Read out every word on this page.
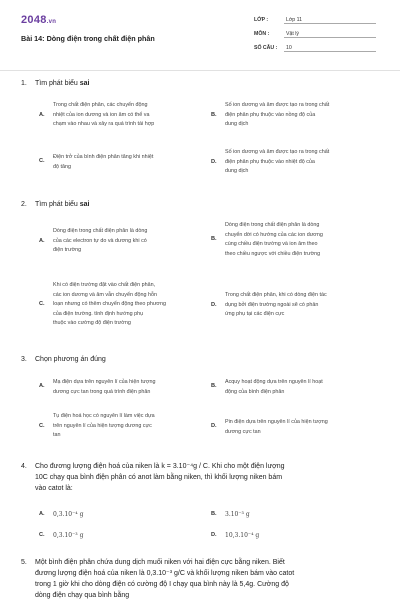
2048.vn
Bài 14: Dòng điện trong chất điện phân
LỚP :	Lớp 11
MÔN :	Vật lý
SỐ CÂU : 10
1. Tìm phát biểu sai
A.
Trong chất điện phân, các chuyển động
nhiệt của ion dương và ion âm có thể va
chạm vào nhau và xảy ra quá trình tái hợp
B.
Số ion dương và âm được tạo ra trong chất
điện phân phụ thuộc vào nồng độ của
dung dịch
C.
Điện trở của bình điện phân tăng khi nhiệt
độ tăng
D.
Số ion dương và âm được tạo ra trong chất
điện phân phụ thuộc vào nhiệt độ của
dung dịch
2. Tìm phát biểu sai
A.
Dòng điện trong chất điện phân là dòng
của các electron tự do và dương khi có
điện trường
B.
Dòng điện trong chất điện phân là dòng
chuyển dời có hướng của các ion dương
cùng chiều điện trường và ion âm theo
theo chiều ngược với chiều điện trường
C.
Khi có điện trường đặt vào chất điện phân,
các ion dương và âm vẫn chuyển động hỗn
loạn nhưng có thêm chuyển động theo phương
của điện trường. tính định hướng phụ
thuộc vào cường độ điện trường
D.
Trong chất điện phân, khi có dòng điện tác
dụng bởi điện trường ngoài sẽ có phản
ứng phụ tại các điện cực
3. Chọn phương án đúng
A.
Mạ điện dựa trên nguyên lí của hiện tượng
dương cực tan trong quá trình điện phân
B.
Acquy hoạt động dựa trên nguyên lí hoạt
động của bình điện phân
C.
Tụ điện hoá học có nguyên lí làm việc dựa
trên nguyên lí của hiện tượng dương cực
tan
D.
Pin điện dựa trên nguyên lí của hiện tượng
dương cực tan
4. Cho đương lượng điện hoá của niken là k = 3.10⁻⁴g / C. Khi cho một điện lượng
10C chạy qua bình điện phân có anot làm bằng niken, thì khối lượng niken bám
vào catot là:
A. 0,3.10⁻⁴ g	B. 3.10⁻³ g
C. 0,3.10⁻³ g	D. 10,3.10⁻⁴ g
5. Một bình điện phân chứa dung dịch muối niken với hai điện cực bằng niken. Biết
đương lượng điện hoá của niken là 0,3.10⁻³ g/C và khối lượng niken bám vào catot
trong 1 giờ khi cho dòng điện có cường độ I chạy qua bình này là 5,4g. Cường độ
dòng điện chạy qua bình bằng
